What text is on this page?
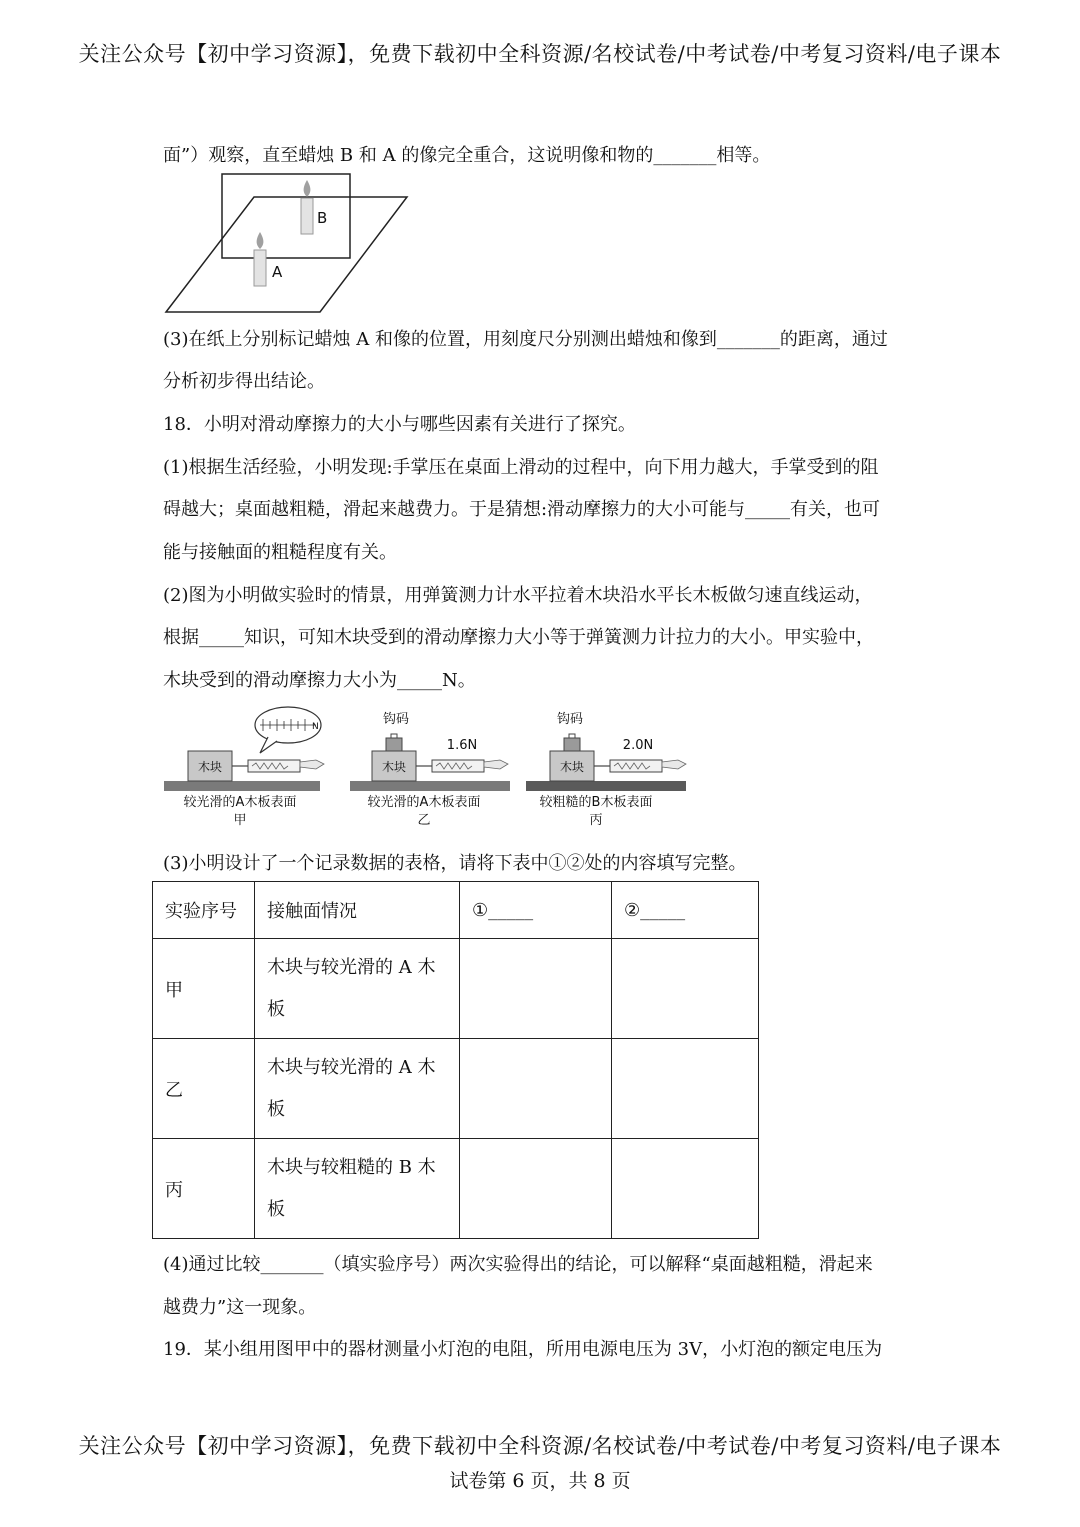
关注公众号【初中学习资源】，免费下载初中全科资源/名校试卷/中考试卷/中考复习资料/电子课本
面”）观察，直至蜡烛 B 和 A 的像完全重合，这说明像和物的_______相等。
B
A
(3)在纸上分别标记蜡烛 A 和像的位置，用刻度尺分别测出蜡烛和像到_______的距离，通过
分析初步得出结论。
18．小明对滑动摩擦力的大小与哪些因素有关进行了探究。
(1)根据生活经验，小明发现:手掌压在桌面上滑动的过程中，向下用力越大，手掌受到的阻
碍越大；桌面越粗糙，滑起来越费力。于是猜想:滑动摩擦力的大小可能与_____有关，也可
能与接触面的粗糙程度有关。
(2)图为小明做实验时的情景，用弹簧测力计水平拉着木块沿水平长木板做匀速直线运动，
根据_____知识，可知木块受到的滑动摩擦力大小等于弹簧测力计拉力的大小。甲实验中，
木块受到的滑动摩擦力大小为_____N。
木块
N
较光滑的A木板表面
甲
木块
钩码
1.6N
较光滑的A木板表面
乙
木块
钩码
2.0N
较粗糙的B木板表面
丙
(3)小明设计了一个记录数据的表格，请将下表中①②处的内容填写完整。
实验序号	接触面情况	①_____	②_____
甲	木块与较光滑的 A 木
板		

乙	木块与较光滑的 A 木
板		

丙	木块与较粗糙的 B 木
板		

(4)通过比较_______（填实验序号）两次实验得出的结论，可以解释“桌面越粗糙，滑起来
越费力”这一现象。
19．某小组用图甲中的器材测量小灯泡的电阻，所用电源电压为 3V，小灯泡的额定电压为
关注公众号【初中学习资源】，免费下载初中全科资源/名校试卷/中考试卷/中考复习资料/电子课本
试卷第 6 页，共 8 页
